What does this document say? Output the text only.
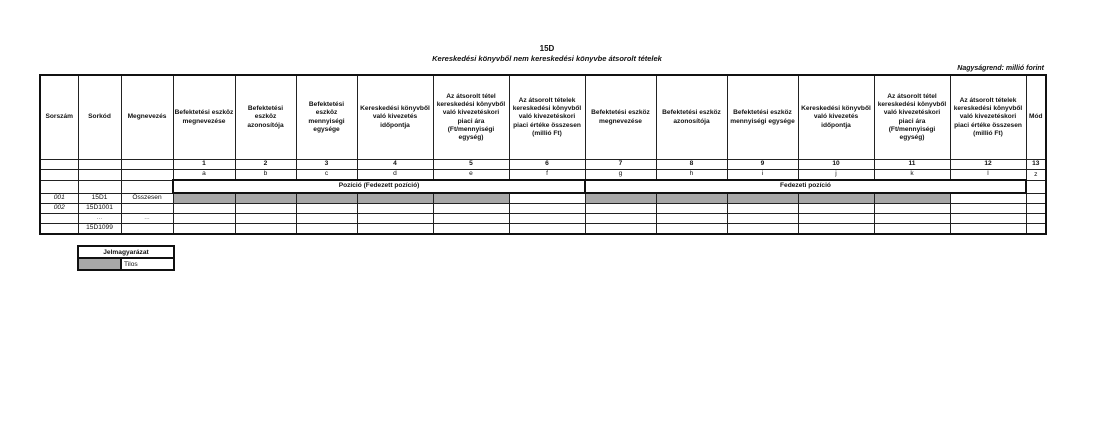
15D
Kereskedési könyvből nem kereskedési könyvbe átsorolt tételek
Nagyságrend: millió forint
Sorszám	Sorkód	Megnevezés	Befektetési eszköz megnevezése	Befektetési eszköz azonosítója	Befektetési eszköz mennyiségi egysége	Kereskedési könyvből való kivezetés időpontja	Az átsorolt tétel kereskedési könyvből való kivezetéskori piaci ára (Ft/mennyiségi egység)	Az átsorolt tételek kereskedési könyvből való kivezetéskori piaci értéke összesen (millió Ft)	Befektetési eszköz megnevezése	Befektetési eszköz azonosítója	Befektetési eszköz mennyiségi egysége	Kereskedési könyvből való kivezetés időpontja	Az átsorolt tétel kereskedési könyvből való kivezetéskori piaci ára (Ft/mennyiségi egység)	Az átsorolt tételek kereskedési könyvből való kivezetéskori piaci értéke összesen (millió Ft)	Mód
			1	2	3	4	5	6	7	8	9	10	11	12	13
			a	b	c	d	e	f	g	h	i	j	k	l	z
			Pozíció (Fedezett pozíció)						Fedezeti pozíció						
001	15D1	Összesen													
002	15D1001														
	...	...													
	15D1099														
Jelmagyarázat
	Tilos
